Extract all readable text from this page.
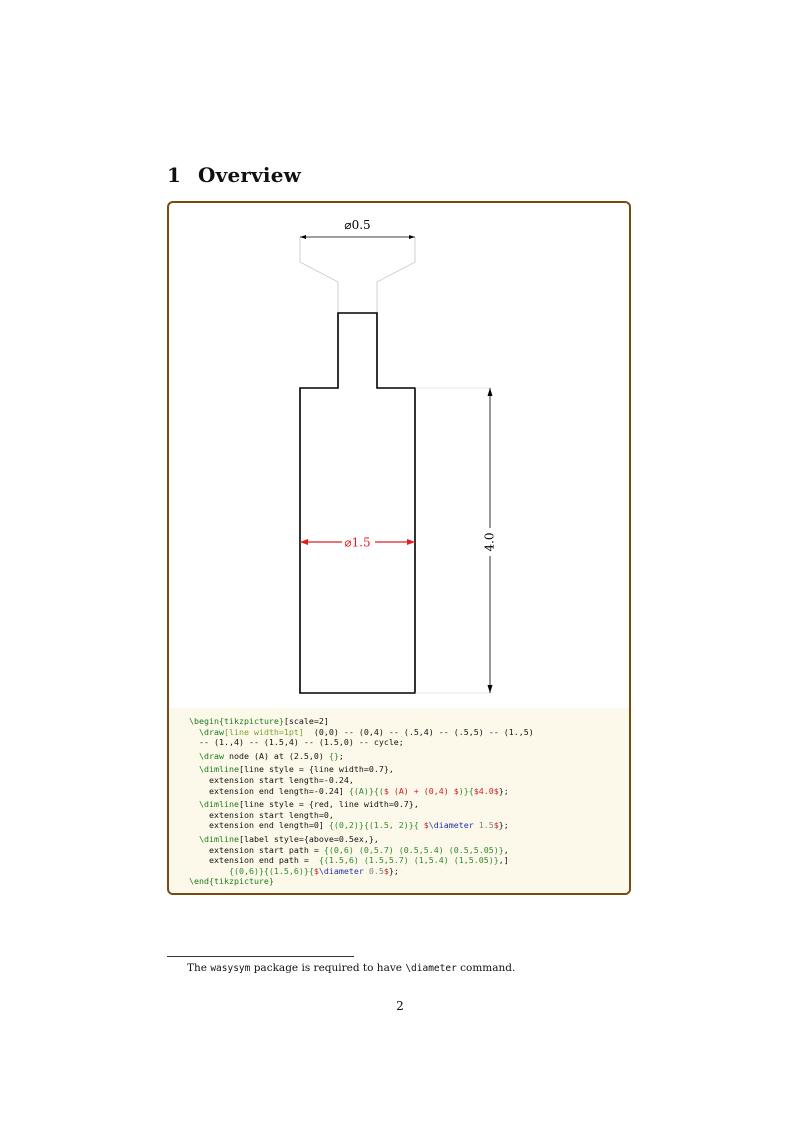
1 Overview
⌀0.5
4.0
⌀1.5
\begin{tikzpicture}[scale=2]
\draw[line width=1pt]  (0,0) -- (0,4) -- (.5,4) -- (.5,5) -- (1.,5)
-- (1.,4) -- (1.5,4) -- (1.5,0) -- cycle;
\draw node (A) at (2.5,0) {};
\dimline[line style = {line width=0.7},
extension start length=-0.24,
extension end length=-0.24] {(A)}{($ (A) + (0,4) $)}{$4.0$};
\dimline[line style = {red, line width=0.7},
extension start length=0,
extension end length=0] {(0,2)}{(1.5, 2)}{ $\diameter 1.5$};
\dimline[label style={above=0.5ex,},
extension start path = {(0,6) (0,5.7) (0.5,5.4) (0.5,5.05)},
extension end path =  {(1.5,6) (1.5,5.7) (1,5.4) (1,5.05)},]
{(0,6)}{(1.5,6)}{$\diameter 0.5$};
\end{tikzpicture}
The wasysym package is required to have \diameter command.
2
